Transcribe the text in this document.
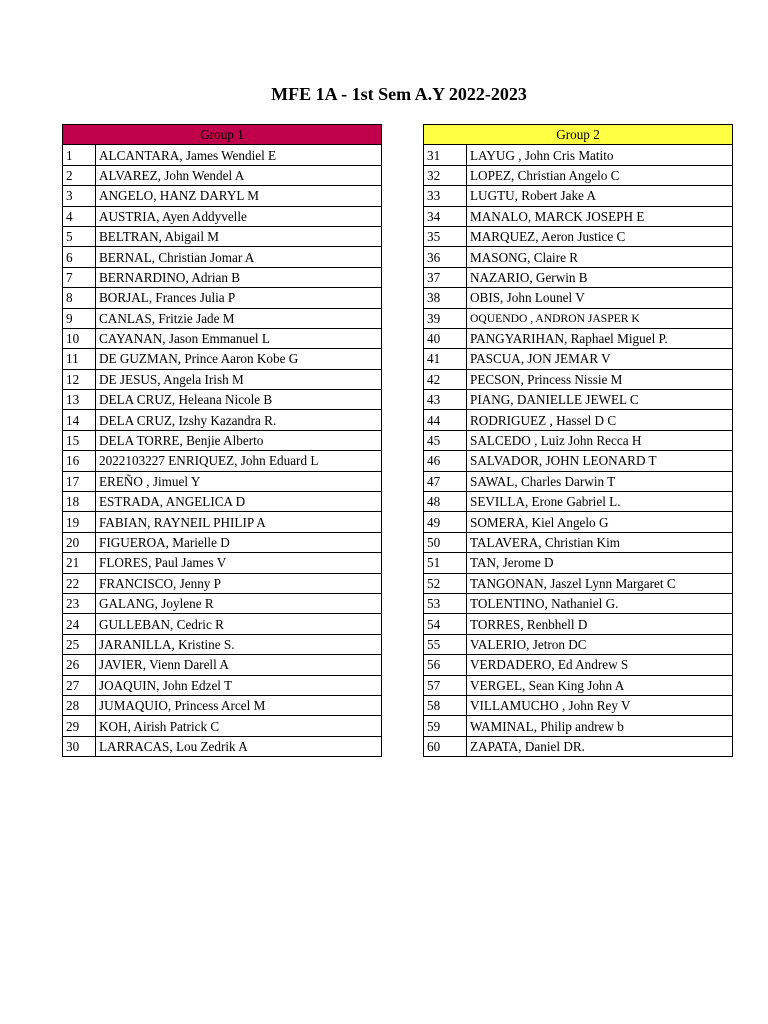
MFE 1A - 1st Sem A.Y 2022-2023
Group 1	
1	ALCANTARA, James Wendiel E
2	ALVAREZ, John Wendel A
3	ANGELO, HANZ DARYL M
4	AUSTRIA, Ayen Addyvelle
5	BELTRAN, Abigail M
6	BERNAL, Christian Jomar A
7	BERNARDINO, Adrian B
8	BORJAL, Frances Julia P
9	CANLAS, Fritzie Jade M
10	CAYANAN, Jason Emmanuel L
11	DE GUZMAN, Prince Aaron Kobe G
12	DE JESUS, Angela Irish M
13	DELA CRUZ, Heleana Nicole B
14	DELA CRUZ, Izshy Kazandra R.
15	DELA TORRE, Benjie Alberto
16	2022103227 ENRIQUEZ, John Eduard L
17	EREÑO , Jimuel Y
18	ESTRADA, ANGELICA D
19	FABIAN, RAYNEIL PHILIP A
20	FIGUEROA, Marielle D
21	FLORES, Paul James V
22	FRANCISCO, Jenny P
23	GALANG, Joylene R
24	GULLEBAN, Cedric R
25	JARANILLA, Kristine S.
26	JAVIER, Vienn Darell A
27	JOAQUIN, John Edzel T
28	JUMAQUIO, Princess Arcel M
29	KOH, Airish Patrick C
30	LARRACAS, Lou Zedrik A
Group 2	
31	LAYUG , John Cris Matito
32	LOPEZ, Christian Angelo C
33	LUGTU, Robert Jake A
34	MANALO, MARCK JOSEPH E
35	MARQUEZ, Aeron Justice C
36	MASONG, Claire R
37	NAZARIO, Gerwin B
38	OBIS, John Lounel V
39	OQUENDO , ANDRON JASPER K
40	PANGYARIHAN, Raphael Miguel P.
41	PASCUA, JON JEMAR V
42	PECSON, Princess Nissie M
43	PIANG, DANIELLE JEWEL C
44	RODRIGUEZ , Hassel D C
45	SALCEDO , Luiz John Recca H
46	SALVADOR, JOHN LEONARD T
47	SAWAL, Charles Darwin T
48	SEVILLA, Erone Gabriel L.
49	SOMERA, Kiel Angelo G
50	TALAVERA, Christian Kim
51	TAN, Jerome D
52	TANGONAN, Jaszel Lynn Margaret C
53	TOLENTINO, Nathaniel G.
54	TORRES, Renbhell D
55	VALERIO, Jetron DC
56	VERDADERO, Ed Andrew S
57	VERGEL, Sean King John A
58	VILLAMUCHO , John Rey V
59	WAMINAL, Philip andrew b
60	ZAPATA, Daniel DR.
